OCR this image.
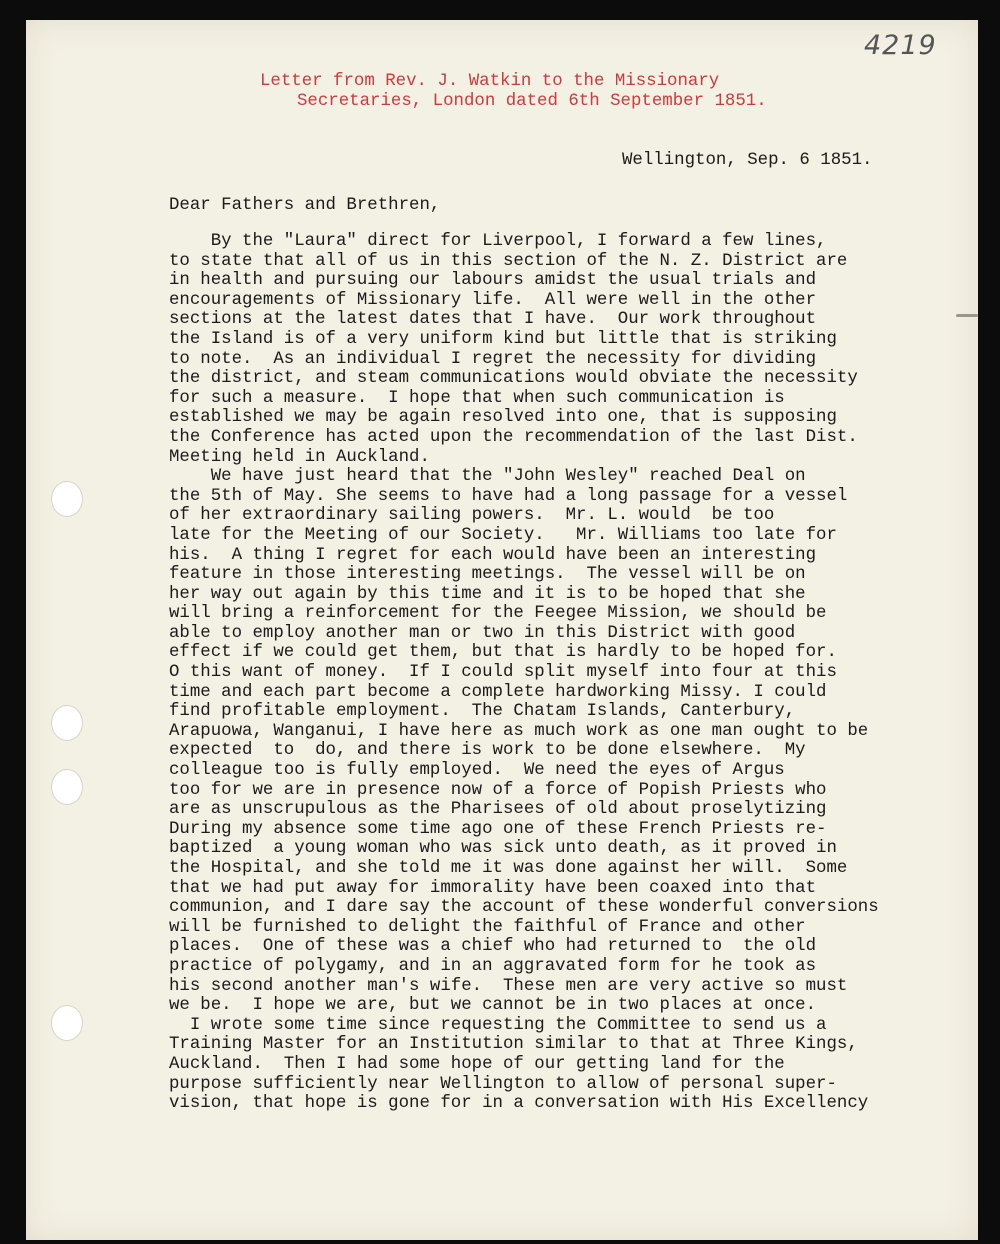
4219

Letter from Rev. J. Watkin to the Missionary

Secretaries, London dated 6th September 1851.

Wellington, Sep. 6 1851.

Dear Fathers and Brethren,

By the "Laura" direct for Liverpool, I forward a few lines,
to state that all of us in this section of the N. Z. District are
in health and pursuing our labours amidst the usual trials and
encouragements of Missionary life.  All were well in the other
sections at the latest dates that I have.  Our work throughout
the Island is of a very uniform kind but little that is striking
to note.  As an individual I regret the necessity for dividing
the district, and steam communications would obviate the necessity
for such a measure.  I hope that when such communication is
established we may be again resolved into one, that is supposing
the Conference has acted upon the recommendation of the last Dist.
Meeting held in Auckland.
We have just heard that the "John Wesley" reached Deal on
the 5th of May. She seems to have had a long passage for a vessel
of her extraordinary sailing powers.  Mr. L. would  be too
late for the Meeting of our Society.   Mr. Williams too late for
his.  A thing I regret for each would have been an interesting
feature in those interesting meetings.  The vessel will be on
her way out again by this time and it is to be hoped that she
will bring a reinforcement for the Feegee Mission, we should be
able to employ another man or two in this District with good
effect if we could get them, but that is hardly to be hoped for.
O this want of money.  If I could split myself into four at this
time and each part become a complete hardworking Missy. I could
find profitable employment.  The Chatam Islands, Canterbury,
Arapuowa, Wanganui, I have here as much work as one man ought to be
expected  to  do, and there is work to be done elsewhere.  My
colleague too is fully employed.  We need the eyes of Argus
too for we are in presence now of a force of Popish Priests who
are as unscrupulous as the Pharisees of old about proselytizing
During my absence some time ago one of these French Priests re-
baptized  a young woman who was sick unto death, as it proved in
the Hospital, and she told me it was done against her will.  Some
that we had put away for immorality have been coaxed into that
communion, and I dare say the account of these wonderful conversions
will be furnished to delight the faithful of France and other
places.  One of these was a chief who had returned to  the old
practice of polygamy, and in an aggravated form for he took as
his second another man's wife.  These men are very active so must
we be.  I hope we are, but we cannot be in two places at once.
I wrote some time since requesting the Committee to send us a
Training Master for an Institution similar to that at Three Kings,
Auckland.  Then I had some hope of our getting land for the
purpose sufficiently near Wellington to allow of personal super-
vision, that hope is gone for in a conversation with His Excellency
